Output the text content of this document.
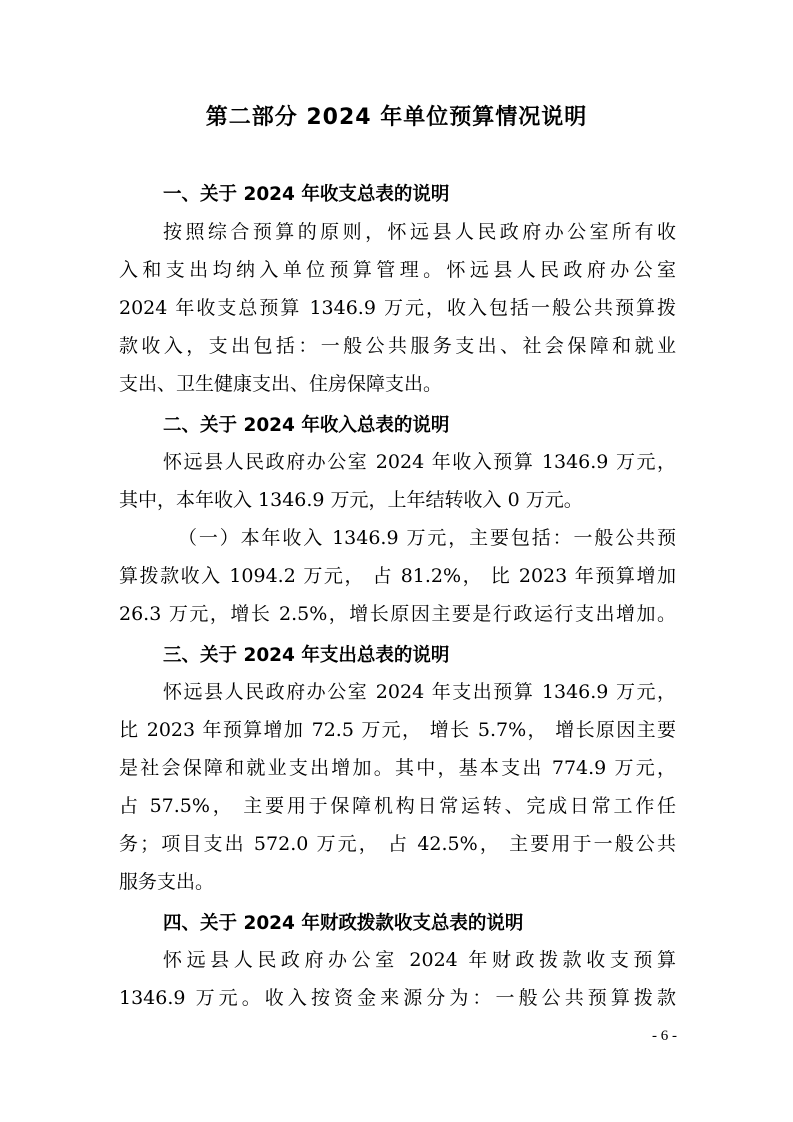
第二部分 2024 年单位预算情况说明
一、关于 2024 年收支总表的说明
按照综合预算的原则，怀远县人民政府办公室所有收
入和支出均纳入单位预算管理。怀远县人民政府办公室
2024 年收支总预算 1346.9 万元，收入包括一般公共预算拨
款收入，支出包括：一般公共服务支出、社会保障和就业
支出、卫生健康支出、住房保障支出。
二、关于 2024 年收入总表的说明
怀远县人民政府办公室 2024 年收入预算 1346.9 万元，
其中，本年收入 1346.9 万元，上年结转收入 0 万元。
（一）本年收入 1346.9 万元，主要包括：一般公共预
算拨款收入 1094.2 万元， 占 81.2%， 比 2023 年预算增加
26.3 万元，增长 2.5%，增长原因主要是行政运行支出增加。
三、关于 2024 年支出总表的说明
怀远县人民政府办公室 2024 年支出预算 1346.9 万元，
比 2023 年预算增加 72.5 万元， 增长 5.7%， 增长原因主要
是社会保障和就业支出增加。其中，基本支出 774.9 万元，
占 57.5%， 主要用于保障机构日常运转、完成日常工作任
务；项目支出 572.0 万元， 占 42.5%， 主要用于一般公共
服务支出。
四、关于 2024 年财政拨款收支总表的说明
怀远县人民政府办公室 2024 年财政拨款收支预算
1346.9 万元。收入按资金来源分为：一般公共预算拨款
- 6 -
